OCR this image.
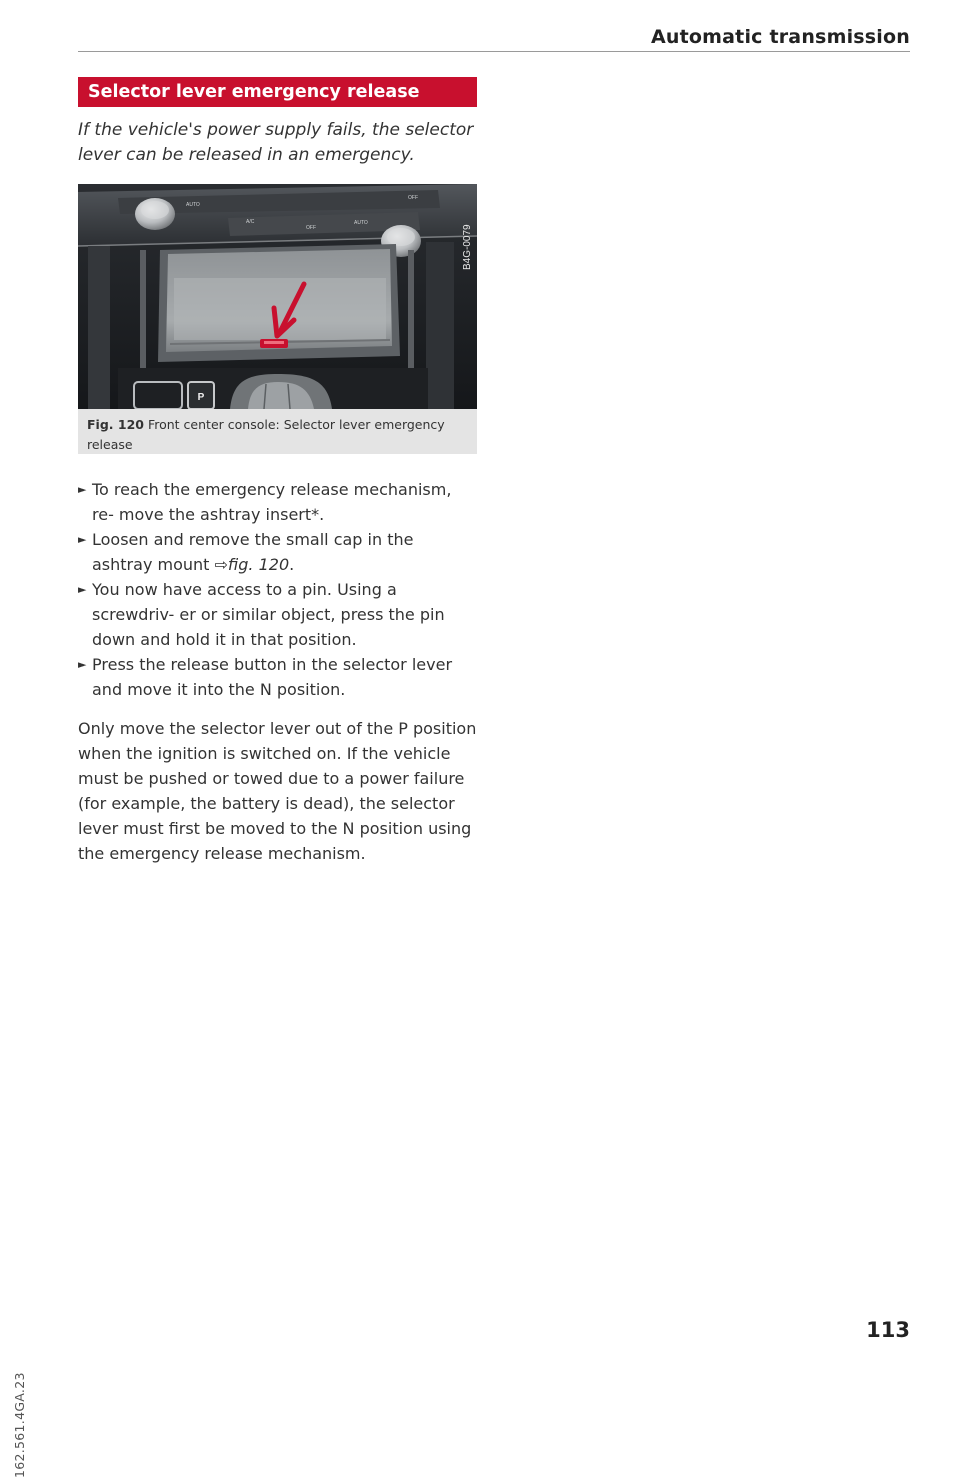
Automatic transmission
Selector lever emergency release
If the vehicle's power supply fails, the selector lever can be released in an emergency.
AUTO
AUTO
OFF
A/C
OFF
P
B4G-0079
Fig. 120 Front center console: Selector lever emergency release
► To reach the emergency release mechanism, re- move the ashtray insert*.
► Loosen and remove the small cap in the ashtray mount ⇨fig. 120.
► You now have access to a pin. Using a screwdriv- er or similar object, press the pin down and hold it in that position.
► Press the release button in the selector lever and move it into the N position.

Only move the selector lever out of the P position when the ignition is switched on. If the vehicle must be pushed or towed due to a power failure (for example, the battery is dead), the selector lever must first be moved to the N position using the emergency release mechanism.

162.561.4GA.23
113
